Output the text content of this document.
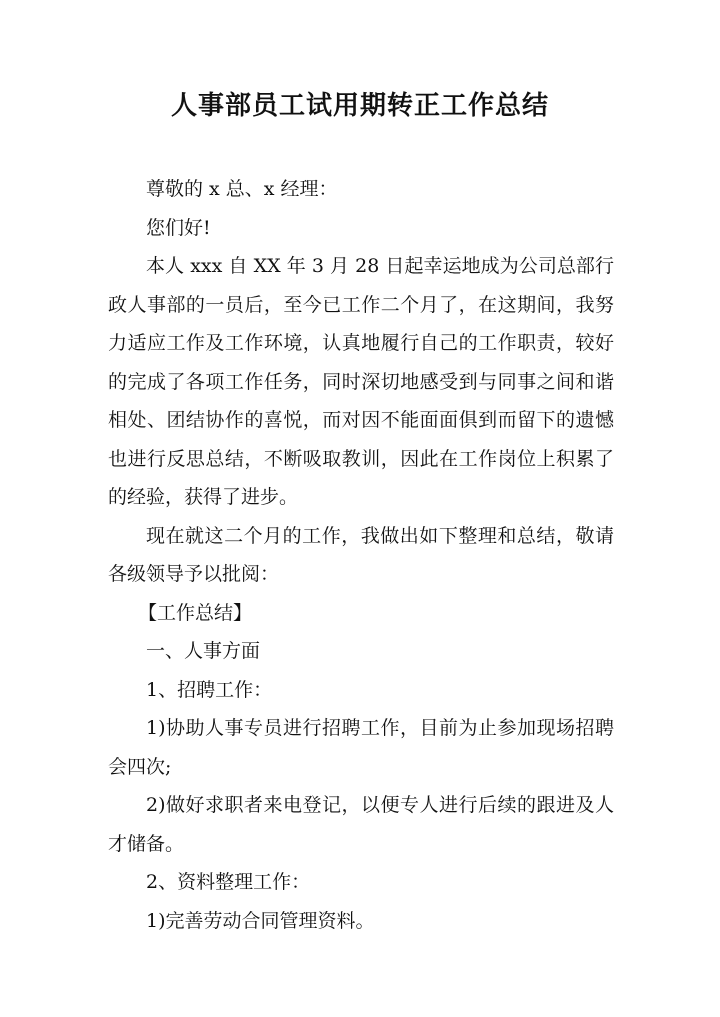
人事部员工试用期转正工作总结

尊敬的 x 总、x 经理：

您们好!

本人 xxx 自 XX 年 3 月 28 日起幸运地成为公司总部行政人事部的一员后，至今已工作二个月了，在这期间，我努力适应工作及工作环境，认真地履行自己的工作职责，较好的完成了各项工作任务，同时深切地感受到与同事之间和谐相处、团结协作的喜悦，而对因不能面面俱到而留下的遗憾也进行反思总结，不断吸取教训，因此在工作岗位上积累了的经验，获得了进步。

现在就这二个月的工作，我做出如下整理和总结，敬请各级领导予以批阅：

【工作总结】

一、人事方面

1、招聘工作：

1)协助人事专员进行招聘工作，目前为止参加现场招聘会四次;

2)做好求职者来电登记，以便专人进行后续的跟进及人才储备。

2、资料整理工作：

1)完善劳动合同管理资料。
